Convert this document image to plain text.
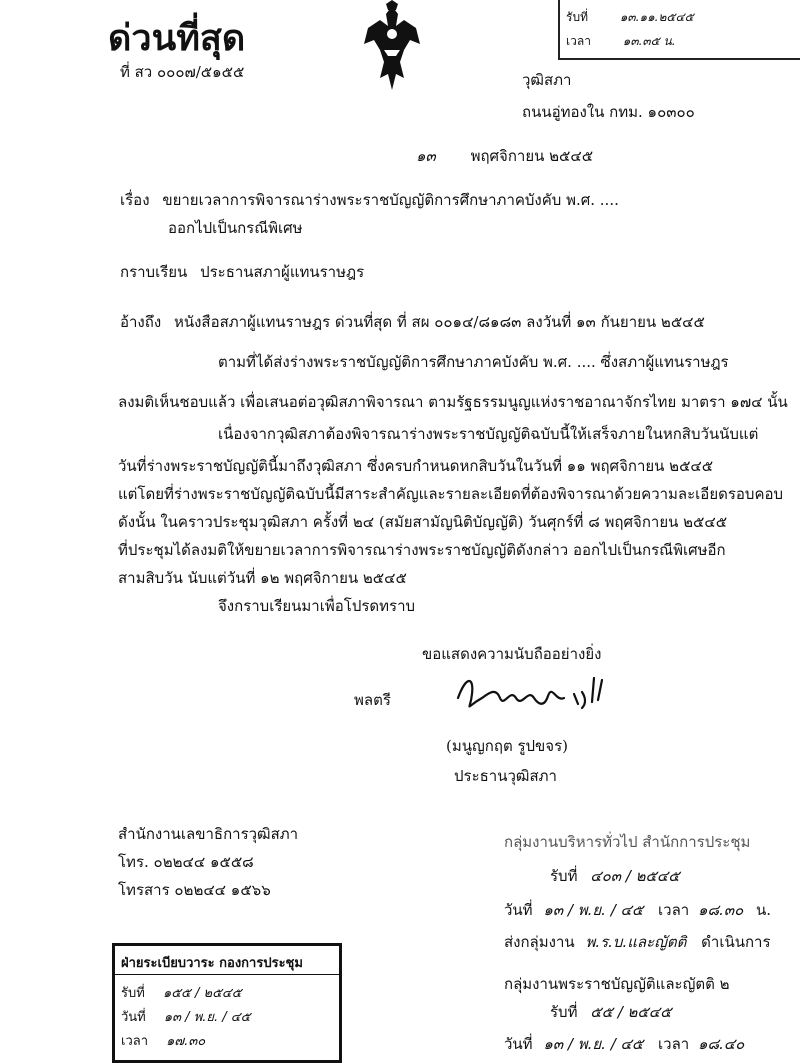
ด่วนที่สุด
ที่ สว ๐๐๐๗/๕๑๕๕
รับที่	๑๓.๑๑.๒๕๔๕
เวลา	๑๓.๓๕ น.
วุฒิสภา
ถนนอู่ทองใน กทม. ๑๐๓๐๐
๑๓ พฤศจิกายน ๒๕๔๕
เรื่อง ขยายเวลาการพิจารณาร่างพระราชบัญญัติการศึกษาภาคบังคับ พ.ศ. ....
ออกไปเป็นกรณีพิเศษ
กราบเรียน ประธานสภาผู้แทนราษฎร
อ้างถึง หนังสือสภาผู้แทนราษฎร ด่วนที่สุด ที่ สผ ๐๐๑๔/๘๑๘๓ ลงวันที่ ๑๓ กันยายน ๒๕๔๕
ตามที่ได้ส่งร่างพระราชบัญญัติการศึกษาภาคบังคับ พ.ศ. .... ซึ่งสภาผู้แทนราษฎร
ลงมติเห็นชอบแล้ว เพื่อเสนอต่อวุฒิสภาพิจารณา ตามรัฐธรรมนูญแห่งราชอาณาจักรไทย มาตรา ๑๗๔ นั้น
เนื่องจากวุฒิสภาต้องพิจารณาร่างพระราชบัญญัติฉบับนี้ให้เสร็จภายในหกสิบวันนับแต่
วันที่ร่างพระราชบัญญัตินี้มาถึงวุฒิสภา ซึ่งครบกำหนดหกสิบวันในวันที่ ๑๑ พฤศจิกายน ๒๕๔๕
แต่โดยที่ร่างพระราชบัญญัติฉบับนี้มีสาระสำคัญและรายละเอียดที่ต้องพิจารณาด้วยความละเอียดรอบคอบ
ดังนั้น ในคราวประชุมวุฒิสภา ครั้งที่ ๒๔ (สมัยสามัญนิติบัญญัติ) วันศุกร์ที่ ๘ พฤศจิกายน ๒๕๔๕
ที่ประชุมได้ลงมติให้ขยายเวลาการพิจารณาร่างพระราชบัญญัติดังกล่าว ออกไปเป็นกรณีพิเศษอีก
สามสิบวัน นับแต่วันที่ ๑๒ พฤศจิกายน ๒๕๔๕
จึงกราบเรียนมาเพื่อโปรดทราบ
ขอแสดงความนับถืออย่างยิ่ง
พลตรี
(มนูญกฤต รูปขจร)
ประธานวุฒิสภา
สำนักงานเลขาธิการวุฒิสภา
โทร. ๐๒๒๔๔ ๑๕๕๘
โทรสาร ๐๒๒๔๔ ๑๕๖๖
ฝ่ายระเบียบวาระ กองการประชุม
รับที่ ๑๕๕ / ๒๕๔๕
วันที่ ๑๓ / พ.ย. / ๔๕
เวลา ๑๗.๓๐
กลุ่มงานบริหารทั่วไป สำนักการประชุม
รับที่ ๔๐๓ / ๒๕๔๕
วันที่ ๑๓ / พ.ย. / ๔๕ เวลา ๑๘.๓๐ น.
ส่งกลุ่มงาน พ.ร.บ.และญัตติ ดำเนินการ
กลุ่มงานพระราชบัญญัติและญัตติ ๒
รับที่ ๕๕ / ๒๕๔๕
วันที่ ๑๓ / พ.ย. / ๔๕ เวลา ๑๘.๔๐
